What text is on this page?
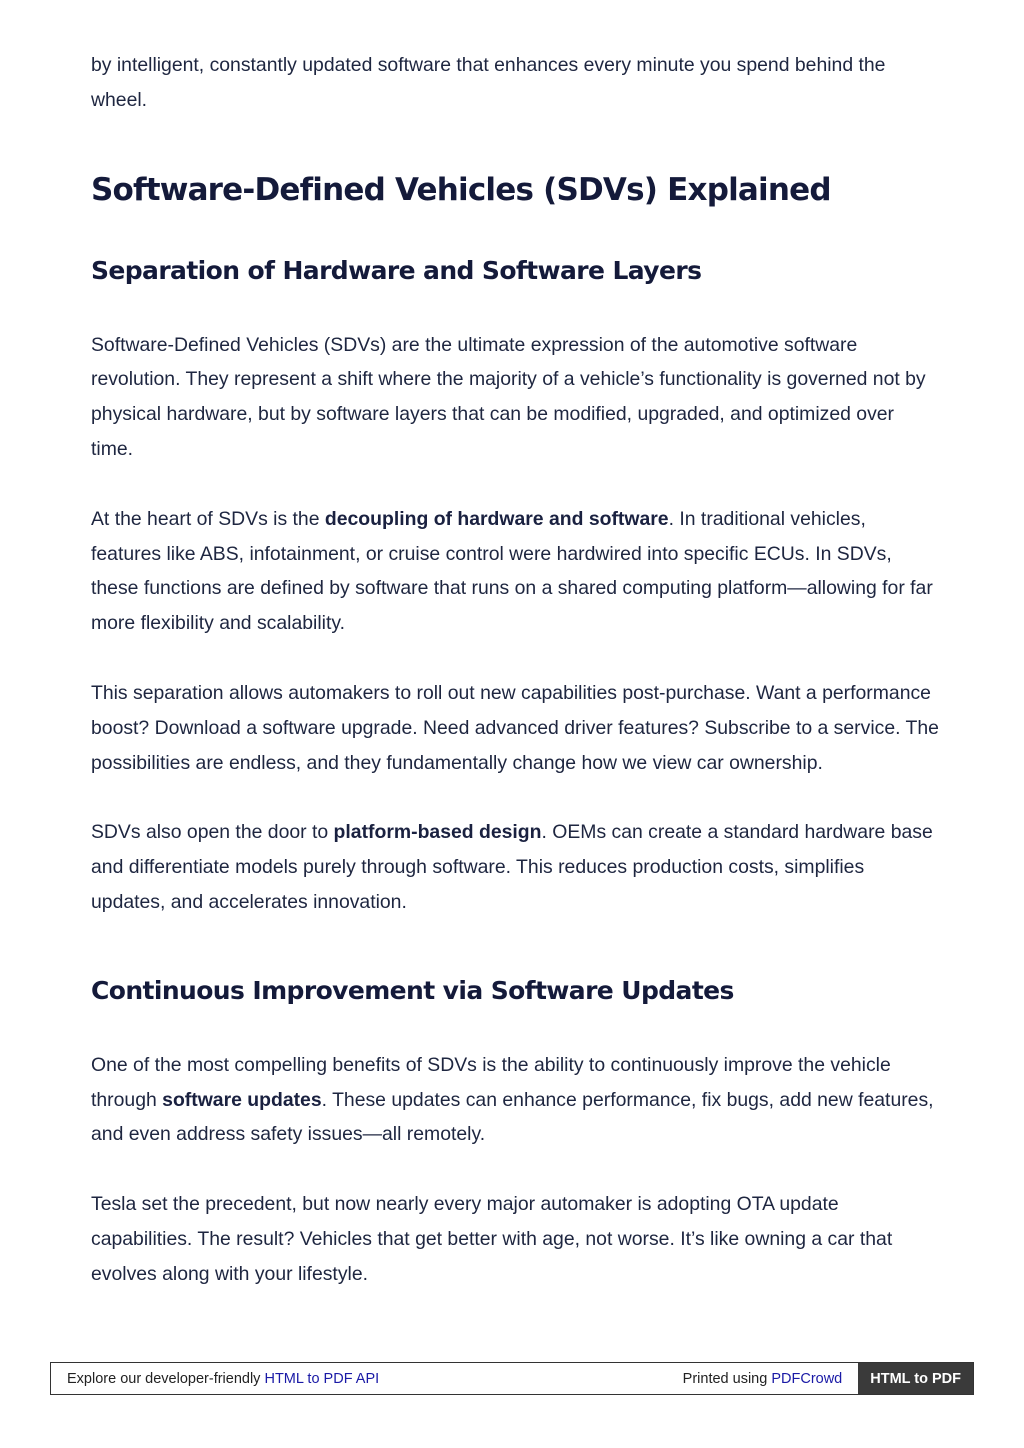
by intelligent, constantly updated software that enhances every minute you spend behind the wheel.

Software-Defined Vehicles (SDVs) Explained
Separation of Hardware and Software Layers

Software-Defined Vehicles (SDVs) are the ultimate expression of the automotive software revolution. They represent a shift where the majority of a vehicle’s functionality is governed not by physical hardware, but by software layers that can be modified, upgraded, and optimized over time.

At the heart of SDVs is the decoupling of hardware and software. In traditional vehicles, features like ABS, infotainment, or cruise control were hardwired into specific ECUs. In SDVs, these functions are defined by software that runs on a shared computing platform—allowing for far more flexibility and scalability.

This separation allows automakers to roll out new capabilities post-purchase. Want a performance boost? Download a software upgrade. Need advanced driver features? Subscribe to a service. The possibilities are endless, and they fundamentally change how we view car ownership.

SDVs also open the door to platform-based design. OEMs can create a standard hardware base and differentiate models purely through software. This reduces production costs, simplifies updates, and accelerates innovation.

Continuous Improvement via Software Updates

One of the most compelling benefits of SDVs is the ability to continuously improve the vehicle through software updates. These updates can enhance performance, fix bugs, add new features, and even address safety issues—all remotely.

Tesla set the precedent, but now nearly every major automaker is adopting OTA update capabilities. The result? Vehicles that get better with age, not worse. It’s like owning a car that evolves along with your lifestyle.

Explore our developer-friendly HTML to PDF API	Printed using PDFCrowd	HTML to PDF
